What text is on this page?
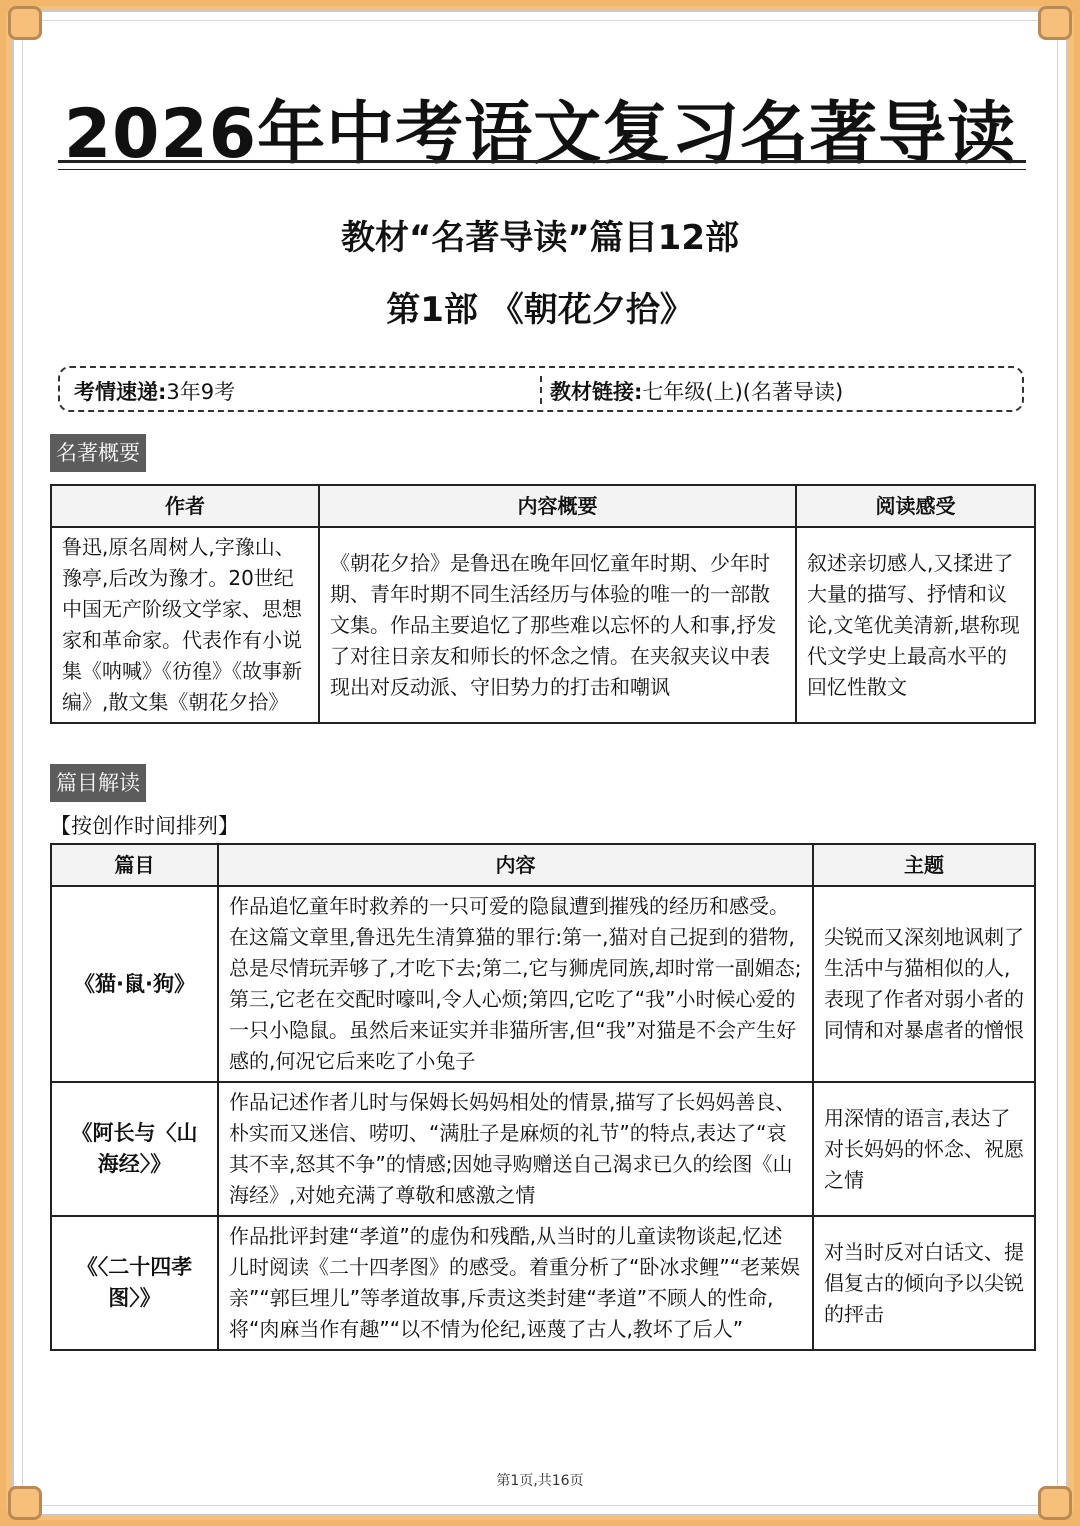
2026年中考语文复习名著导读
教材“名著导读”篇目12部
第1部 《朝花夕拾》
考情速递:3年9考	教材链接:七年级(上)(名著导读)
名著概要
作者	内容概要	阅读感受
鲁迅,原名周树人,字豫山、豫亭,后改为豫才。20世纪中国无产阶级文学家、思想家和革命家。代表作有小说集《呐喊》《彷徨》《故事新编》,散文集《朝花夕拾》	《朝花夕拾》是鲁迅在晚年回忆童年时期、少年时期、青年时期不同生活经历与体验的唯一的一部散文集。作品主要追忆了那些难以忘怀的人和事,抒发了对往日亲友和师长的怀念之情。在夹叙夹议中表现出对反动派、守旧势力的打击和嘲讽	叙述亲切感人,又揉进了大量的描写、抒情和议论,文笔优美清新,堪称现代文学史上最高水平的回忆性散文
篇目解读
【按创作时间排列】
篇目	内容	主题
《猫·鼠·狗》	作品追忆童年时救养的一只可爱的隐鼠遭到摧残的经历和感受。在这篇文章里,鲁迅先生清算猫的罪行:第一,猫对自己捉到的猎物,总是尽情玩弄够了,才吃下去;第二,它与狮虎同族,却时常一副媚态;第三,它老在交配时嚎叫,令人心烦;第四,它吃了“我”小时候心爱的一只小隐鼠。虽然后来证实并非猫所害,但“我”对猫是不会产生好感的,何况它后来吃了小兔子	尖锐而又深刻地讽刺了生活中与猫相似的人,表现了作者对弱小者的同情和对暴虐者的憎恨
《阿长与〈山海经〉》	作品记述作者儿时与保姆长妈妈相处的情景,描写了长妈妈善良、朴实而又迷信、唠叨、“满肚子是麻烦的礼节”的特点,表达了“哀其不幸,怒其不争”的情感;因她寻购赠送自己渴求已久的绘图《山海经》,对她充满了尊敬和感激之情	用深情的语言,表达了对长妈妈的怀念、祝愿之情
《〈二十四孝图〉》	作品批评封建“孝道”的虚伪和残酷,从当时的儿童读物谈起,忆述儿时阅读《二十四孝图》的感受。着重分析了“卧冰求鲤”“老莱娱亲”“郭巨埋儿”等孝道故事,斥责这类封建“孝道”不顾人的性命,将“肉麻当作有趣”“以不情为伦纪,诬蔑了古人,教坏了后人”	对当时反对白话文、提倡复古的倾向予以尖锐的抨击
第1页,共16页
